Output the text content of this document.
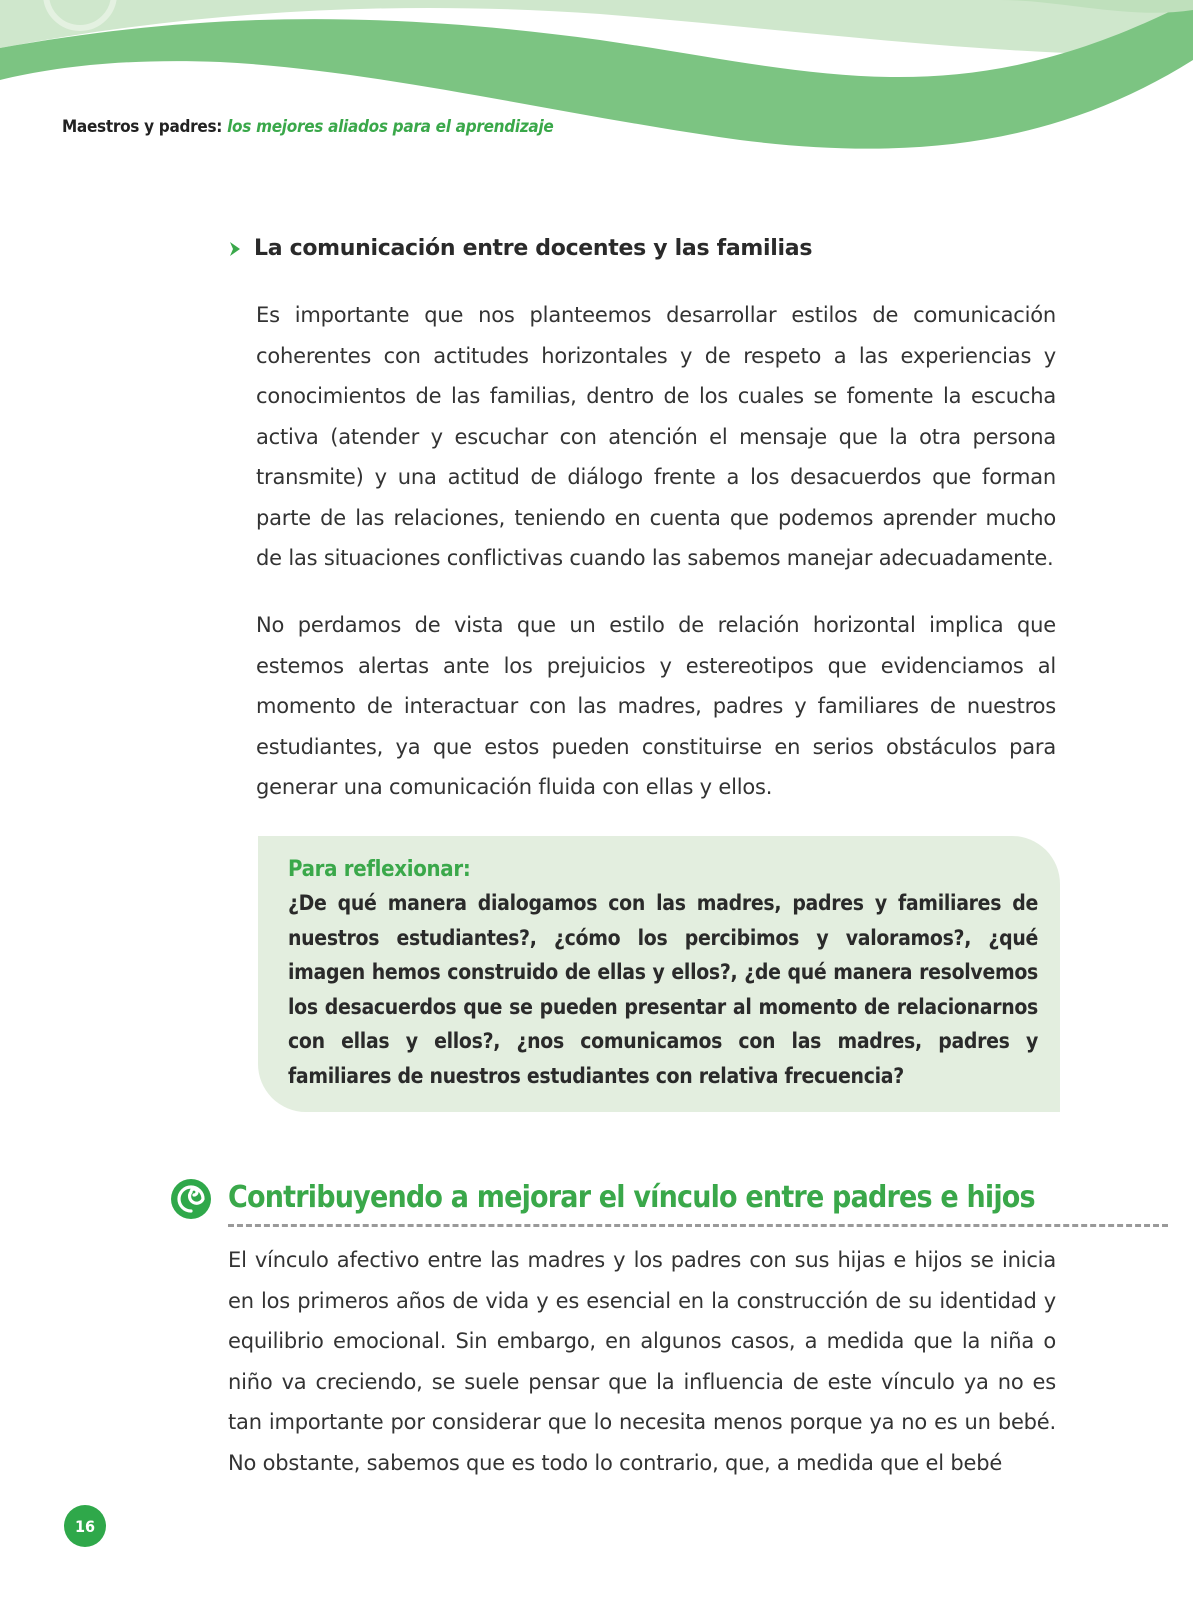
Maestros y padres: los mejores aliados para el aprendizaje
La comunicación entre docentes y las familias

Es importante que nos planteemos desarrollar estilos de comunicación coherentes con actitudes horizontales y de respeto a las experiencias y conocimientos de las familias, dentro de los cuales se fomente la escucha activa (atender y escuchar con atención el mensaje que la otra persona transmite) y una actitud de diálogo frente a los desacuerdos que forman parte de las relaciones, teniendo en cuenta que podemos aprender mucho de las situaciones conflictivas cuando las sabemos manejar adecuadamente.

No perdamos de vista que un estilo de relación horizontal implica que estemos alertas ante los prejuicios y estereotipos que evidenciamos al momento de interactuar con las madres, padres y familiares de nuestros estudiantes, ya que estos pueden constituirse en serios obstáculos para generar una comunicación fluida con ellas y ellos.

Para reflexionar:

¿De qué manera dialogamos con las madres, padres y familiares de nuestros estudiantes?, ¿cómo los percibimos y valoramos?, ¿qué imagen hemos construido de ellas y ellos?, ¿de qué manera resolvemos los desacuerdos que se pueden presentar al momento de relacionarnos con ellas y ellos?, ¿nos comunicamos con las madres, padres y familiares de nuestros estudiantes con relativa frecuencia?

Contribuyendo a mejorar el vínculo entre padres e hijos

El vínculo afectivo entre las madres y los padres con sus hijas e hijos se inicia en los primeros años de vida y es esencial en la construcción de su identidad y equilibrio emocional. Sin embargo, en algunos casos, a medida que la niña o niño va creciendo, se suele pensar que la influencia de este vínculo ya no es tan importante por considerar que lo necesita menos porque ya no es un bebé. No obstante, sabemos que es todo lo contrario, que, a medida que el bebé

16
